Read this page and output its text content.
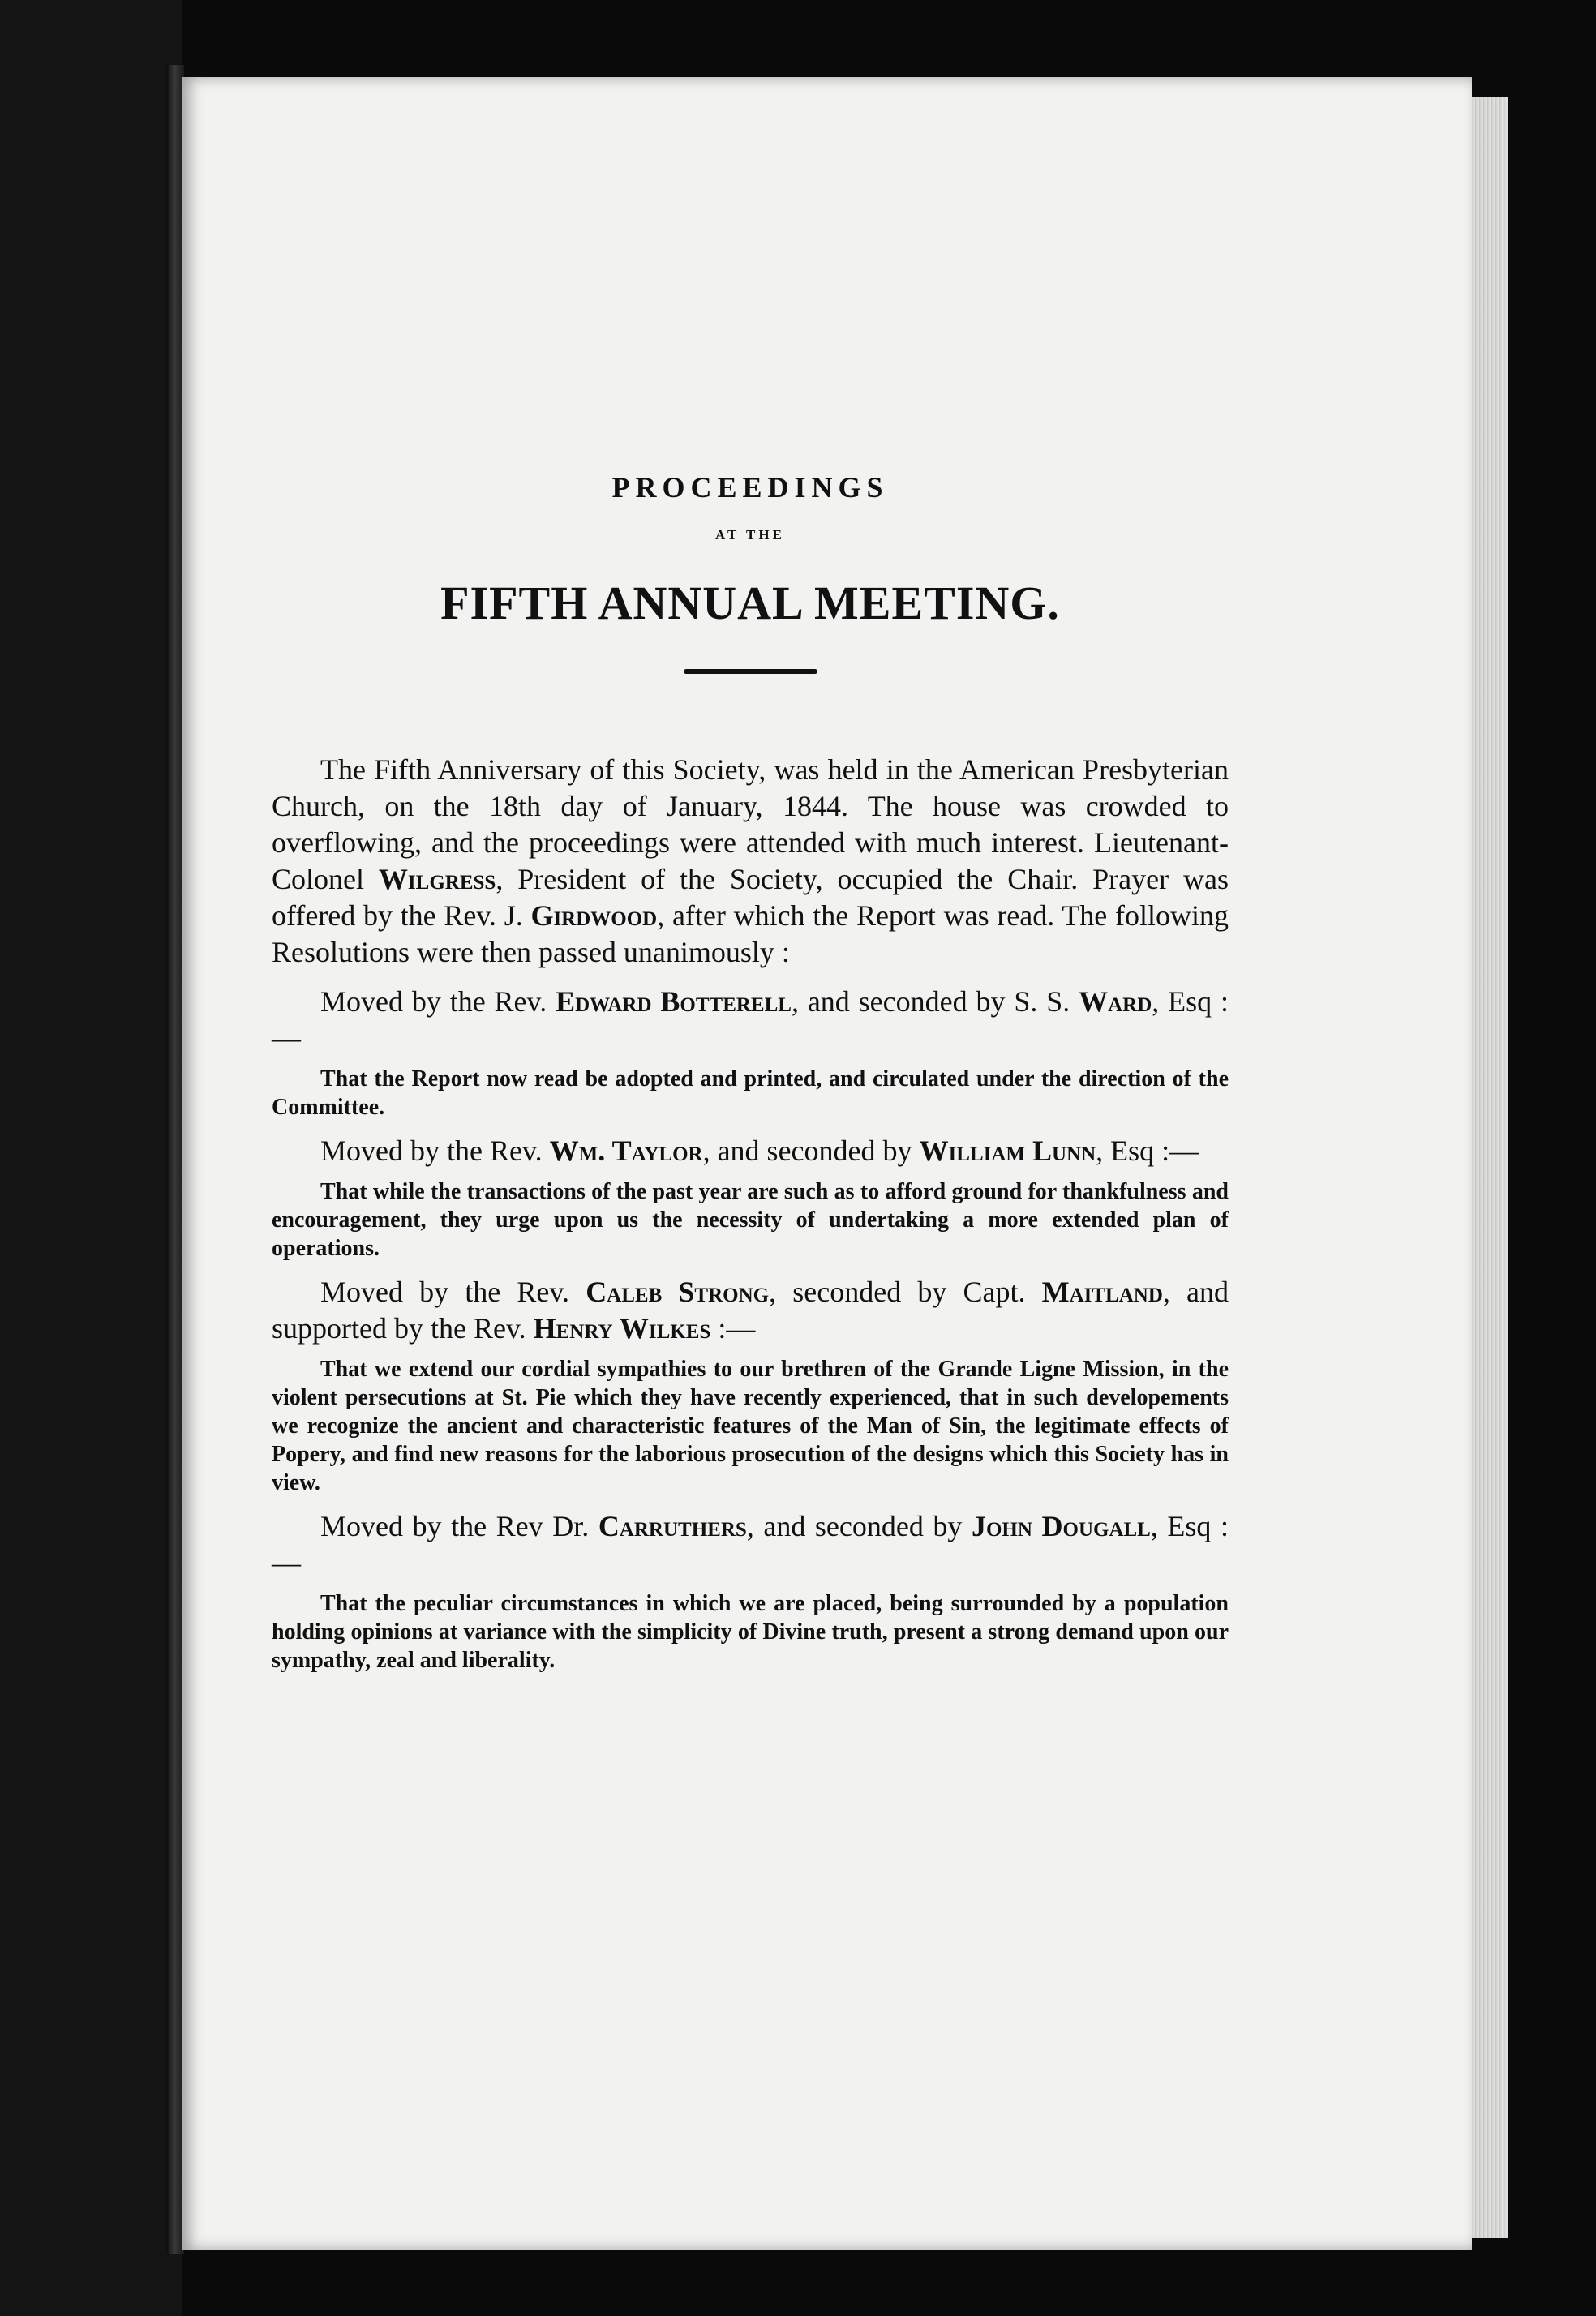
PROCEEDINGS
AT THE
FIFTH ANNUAL MEETING.

The Fifth Anniversary of this Society, was held in the American Presbyterian Church, on the 18th day of January, 1844. The house was crowded to overflowing, and the proceedings were attended with much interest. Lieutenant-Colonel Wilgress, President of the Society, occupied the Chair. Prayer was offered by the Rev. J. Girdwood, after which the Report was read. The following Resolutions were then passed unanimously :

Moved by the Rev. Edward Botterell, and seconded by S. S. Ward, Esq :—

That the Report now read be adopted and printed, and circulated under the direction of the Committee.

Moved by the Rev. Wm. Taylor, and seconded by William Lunn, Esq :—

That while the transactions of the past year are such as to afford ground for thankfulness and encouragement, they urge upon us the necessity of undertaking a more extended plan of operations.

Moved by the Rev. Caleb Strong, seconded by Capt. Maitland, and supported by the Rev. Henry Wilkes :—

That we extend our cordial sympathies to our brethren of the Grande Ligne Mission, in the violent persecutions at St. Pie which they have recently experienced, that in such developements we recognize the ancient and characteristic features of the Man of Sin, the legitimate effects of Popery, and find new reasons for the laborious prosecution of the designs which this Society has in view.

Moved by the Rev Dr. Carruthers, and seconded by John Dougall, Esq :—

That the peculiar circumstances in which we are placed, being surrounded by a population holding opinions at variance with the simplicity of Divine truth, present a strong demand upon our sympathy, zeal and liberality.
